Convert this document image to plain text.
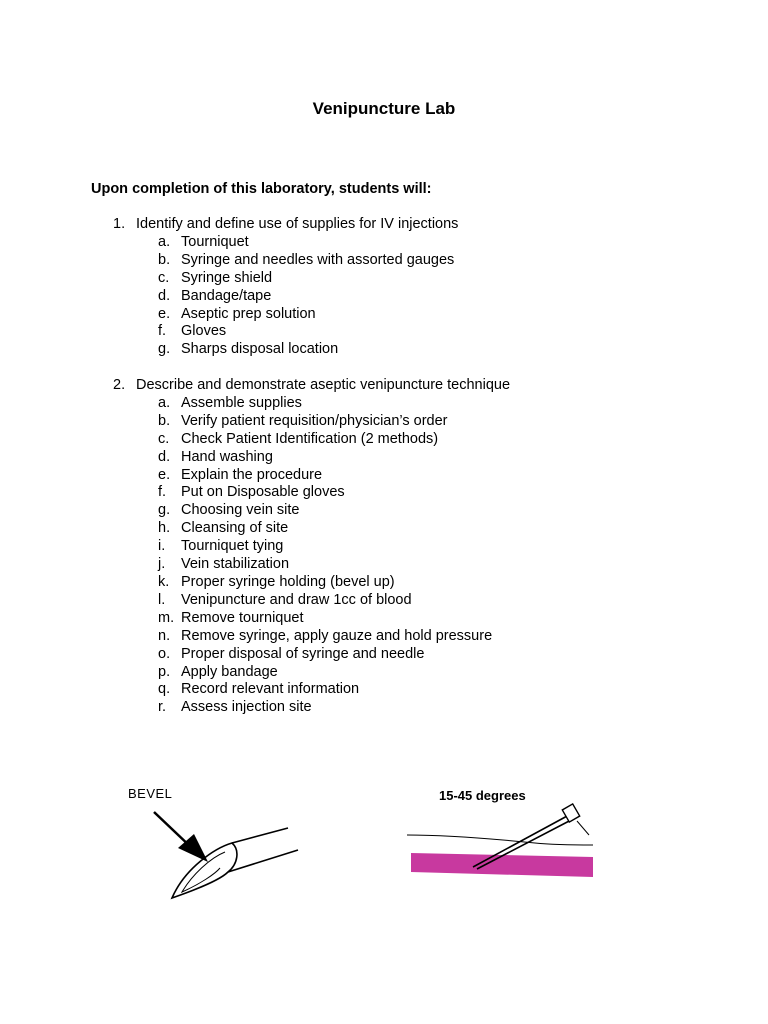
Venipuncture Lab
Upon completion of this laboratory, students will:
1. Identify and define use of supplies for IV injections
a. Tourniquet
b. Syringe and needles with assorted gauges
c. Syringe shield
d. Bandage/tape
e. Aseptic prep solution
f.	Gloves
g. Sharps disposal location
2. Describe and demonstrate aseptic venipuncture technique
a. Assemble supplies
b. Verify patient requisition/physician’s order
c. Check Patient Identification (2 methods)
d. Hand washing
e. Explain the procedure
f.	Put on Disposable gloves
g. Choosing vein site
h. Cleansing of site
i.	Tourniquet tying
j.	Vein stabilization
k. Proper syringe holding (bevel up)
l.	Venipuncture and draw 1cc of blood
m. Remove tourniquet
n. Remove syringe, apply gauze and hold pressure
o. Proper disposal of syringe and needle
p. Apply bandage
q. Record relevant information
r.	Assess injection site
BEVEL	15-45 degrees
